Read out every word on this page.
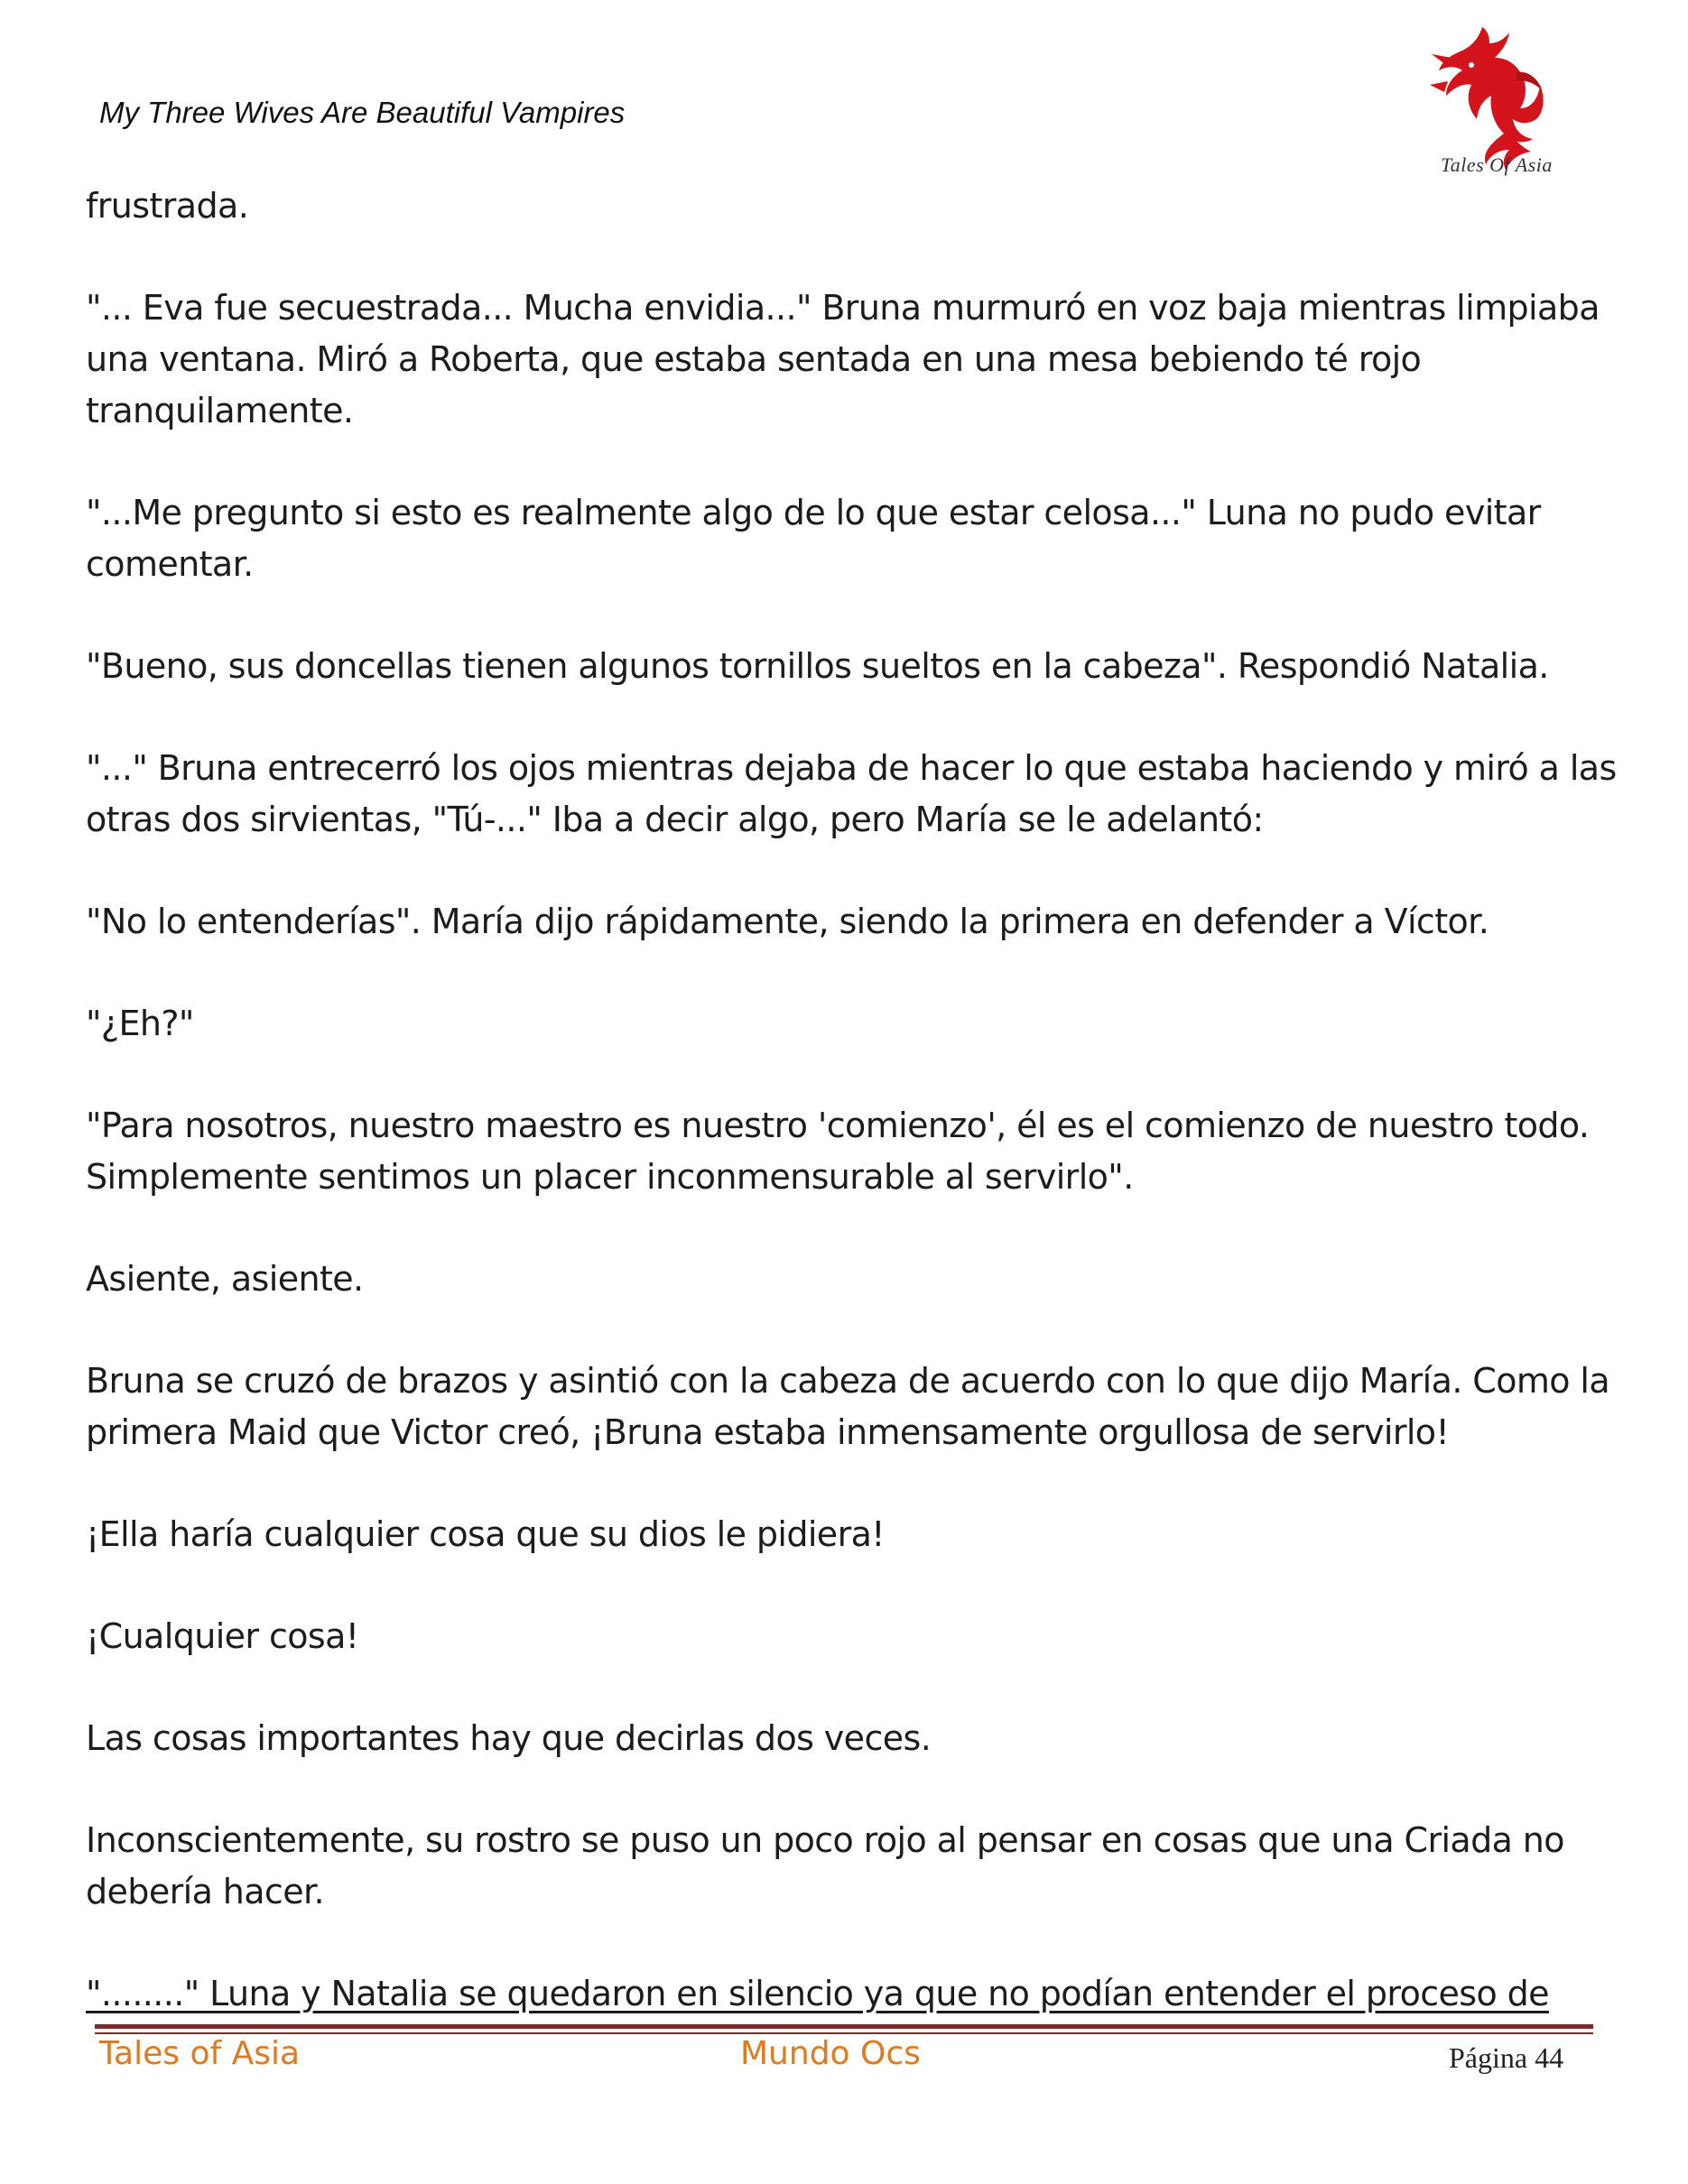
My Three Wives Are Beautiful Vampires
Tales Of Asia

frustrada.

"... Eva fue secuestrada... Mucha envidia..." Bruna murmuró en voz baja mientras limpiaba una ventana. Miró a Roberta, que estaba sentada en una mesa bebiendo té rojo tranquilamente.

"...Me pregunto si esto es realmente algo de lo que estar celosa..." Luna no pudo evitar comentar.

"Bueno, sus doncellas tienen algunos tornillos sueltos en la cabeza". Respondió Natalia.

"..." Bruna entrecerró los ojos mientras dejaba de hacer lo que estaba haciendo y miró a las otras dos sirvientas, "Tú-..." Iba a decir algo, pero María se le adelantó:

"No lo entenderías". María dijo rápidamente, siendo la primera en defender a Víctor.

"¿Eh?"

"Para nosotros, nuestro maestro es nuestro 'comienzo', él es el comienzo de nuestro todo. Simplemente sentimos un placer inconmensurable al servirlo".

Asiente, asiente.

Bruna se cruzó de brazos y asintió con la cabeza de acuerdo con lo que dijo María. Como la primera Maid que Victor creó, ¡Bruna estaba inmensamente orgullosa de servirlo!

¡Ella haría cualquier cosa que su dios le pidiera!

¡Cualquier cosa!

Las cosas importantes hay que decirlas dos veces.

Inconscientemente, su rostro se puso un poco rojo al pensar en cosas que una Criada no debería hacer.

"........" Luna y Natalia se quedaron en silencio ya que no podían entender el proceso de

Tales of Asia	Mundo Ocs	Página 44
